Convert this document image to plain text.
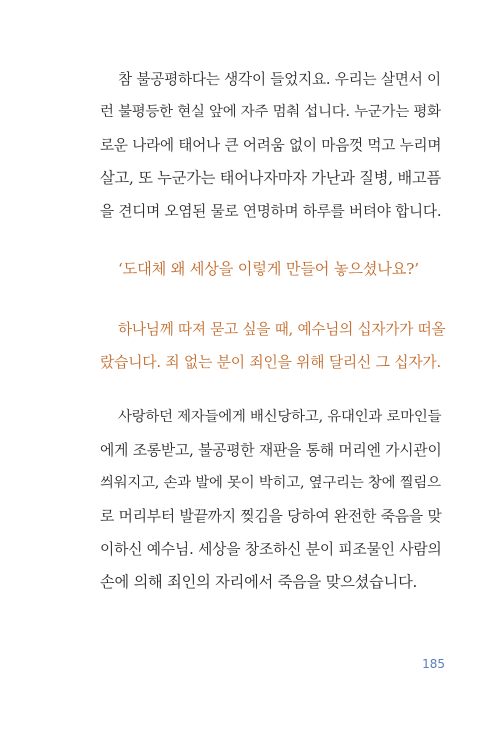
참 불공평하다는 생각이 들었지요. 우리는 살면서 이
런 불평등한 현실 앞에 자주 멈춰 섭니다. 누군가는 평화
로운 나라에 태어나 큰 어려움 없이 마음껏 먹고 누리며
살고, 또 누군가는 태어나자마자 가난과 질병, 배고픔
을 견디며 오염된 물로 연명하며 하루를 버텨야 합니다.

‘도대체 왜 세상을 이렇게 만들어 놓으셨나요?’

하나님께 따져 묻고 싶을 때, 예수님의 십자가가 떠올
랐습니다. 죄 없는 분이 죄인을 위해 달리신 그 십자가.

사랑하던 제자들에게 배신당하고, 유대인과 로마인들
에게 조롱받고, 불공평한 재판을 통해 머리엔 가시관이
씌워지고, 손과 발에 못이 박히고, 옆구리는 창에 찔림으
로 머리부터 발끝까지 찢김을 당하여 완전한 죽음을 맞
이하신 예수님. 세상을 창조하신 분이 피조물인 사람의
손에 의해 죄인의 자리에서 죽음을 맞으셨습니다.

185
